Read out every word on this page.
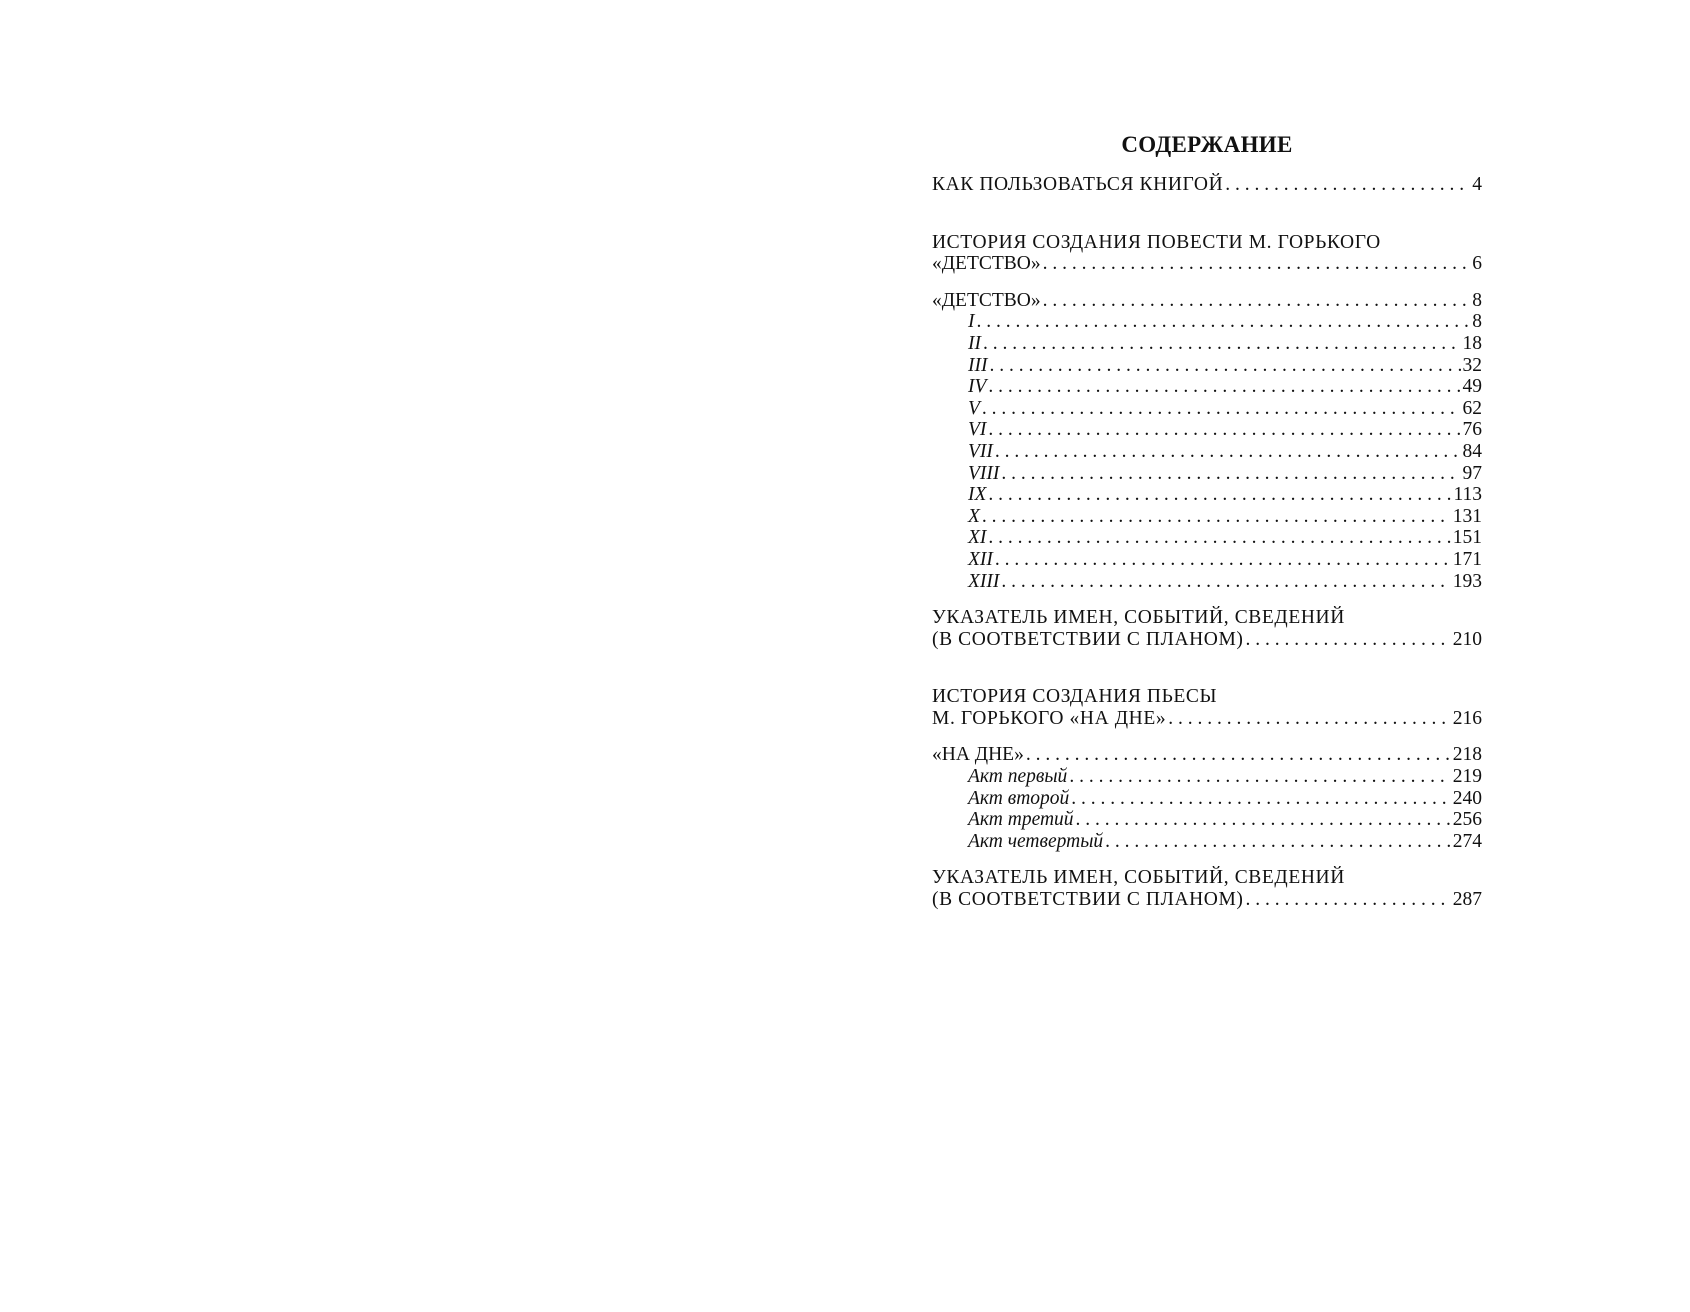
СОДЕРЖАНИЕ
КАК ПОЛЬЗОВАТЬСЯ КНИГОЙ . . .	4
ИСТОРИЯ СОЗДАНИЯ ПОВЕСТИ М. ГОРЬКОГО
«ДЕТСТВО» . . .	6
«ДЕТСТВО» . . .	8
I . . .	8
II . . .	18
III . . .	32
IV . . .	49
V . . .	62
VI . . .	76
VII . . .	84
VIII . . .	97
IX . . .	113
X . . .	131
XI . . .	151
XII . . .	171
XIII . . .	193
УКАЗАТЕЛЬ ИМЕН, СОБЫТИЙ, СВЕДЕНИЙ
(В СООТВЕТСТВИИ С ПЛАНОМ) . . .	210
ИСТОРИЯ СОЗДАНИЯ ПЬЕСЫ
М. ГОРЬКОГО «НА ДНЕ» . . .	216
«НА ДНЕ» . . .	218
Акт первый . . .	219
Акт второй . . .	240
Акт третий . . .	256
Акт четвертый . . .	274
УКАЗАТЕЛЬ ИМЕН, СОБЫТИЙ, СВЕДЕНИЙ
(В СООТВЕТСТВИИ С ПЛАНОМ) . . .	287
